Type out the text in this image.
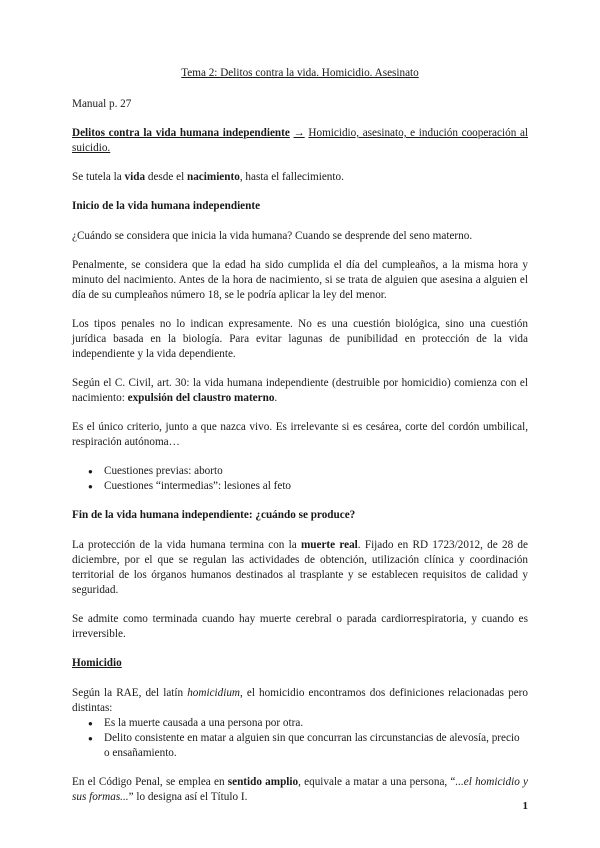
Tema 2: Delitos contra la vida. Homicidio. Asesinato

Manual p. 27

Delitos contra la vida humana independiente → Homicidio, asesinato, e indución cooperación al suicidio.

Se tutela la vida desde el nacimiento, hasta el fallecimiento.

Inicio de la vida humana independiente

¿Cuándo se considera que inicia la vida humana? Cuando se desprende del seno materno.

Penalmente, se considera que la edad ha sido cumplida el día del cumpleaños, a la misma hora y minuto del nacimiento. Antes de la hora de nacimiento, si se trata de alguien que asesina a alguien el día de su cumpleaños número 18, se le podría aplicar la ley del menor.

Los tipos penales no lo indican expresamente. No es una cuestión biológica, sino una cuestión jurídica basada en la biología. Para evitar lagunas de punibilidad en protección de la vida independiente y la vida dependiente.

Según el C. Civil, art. 30: la vida humana independiente (destruible por homicidio) comienza con el nacimiento: expulsión del claustro materno.

Es el único criterio, junto a que nazca vivo. Es irrelevante si es cesárea, corte del cordón umbilical, respiración autónoma…

● Cuestiones previas: aborto
● Cuestiones “intermedias”: lesiones al feto

Fin de la vida humana independiente: ¿cuándo se produce?

La protección de la vida humana termina con la muerte real. Fijado en RD 1723/2012, de 28 de diciembre, por el que se regulan las actividades de obtención, utilización clínica y coordinación territorial de los órganos humanos destinados al trasplante y se establecen requisitos de calidad y seguridad.

Se admite como terminada cuando hay muerte cerebral o parada cardiorrespiratoria, y cuando es irreversible.

Homicidio

Según la RAE, del latín homicidium, el homicidio encontramos dos definiciones relacionadas pero distintas:

● Es la muerte causada a una persona por otra.
● Delito consistente en matar a alguien sin que concurran las circunstancias de alevosía, precio o ensañamiento.

En el Código Penal, se emplea en sentido amplio, equivale a matar a una persona, “...el homicidio y sus formas...” lo designa así el Título I.

1
